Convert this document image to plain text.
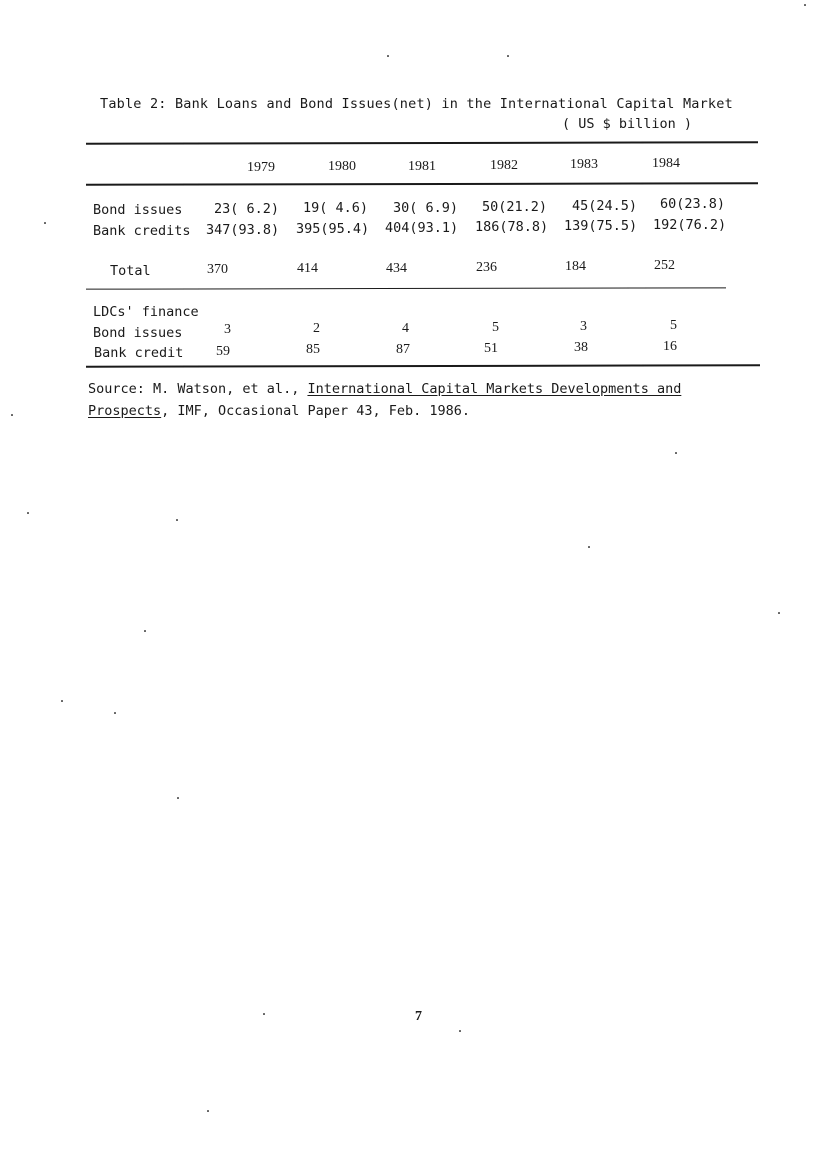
Table 2: Bank Loans and Bond Issues(net) in the International Capital Market
( US $ billion )
1979	1980	1981	1982	1983	1984
Bond issues 23( 6.2) 19( 4.6) 30( 6.9) 50(21.2) 45(24.5) 60(23.8)
Bank credits 347(93.8) 395(95.4) 404(93.1) 186(78.8) 139(75.5) 192(76.2)
Total	370	414	434	236	184	252
LDCs' finance
Bond issues	3	2	4	5	3	5
Bank credit 59	85	87	51	38	16
Source: M. Watson, et al., International Capital Markets Developments and
Prospects, IMF, Occasional Paper 43, Feb. 1986.
7
